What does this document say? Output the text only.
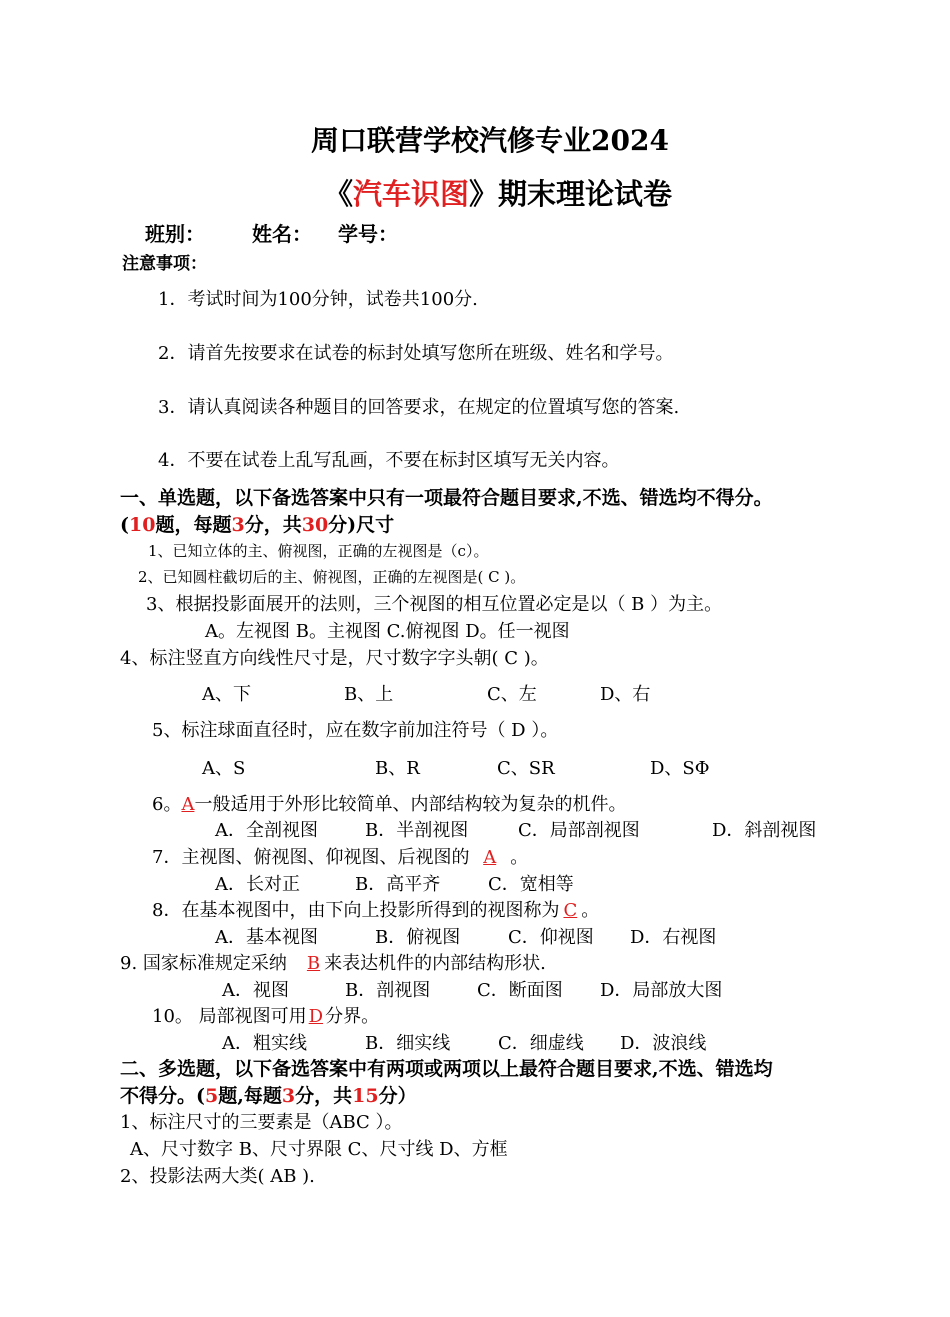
周口联营学校汽修专业2024
《汽车识图》期末理论试卷
班别： 姓名： 学号：
注意事项：
1．考试时间为100分钟，试卷共100分.
2．请首先按要求在试卷的标封处填写您所在班级、姓名和学号。
3．请认真阅读各种题目的回答要求，在规定的位置填写您的答案.
4．不要在试卷上乱写乱画，不要在标封区填写无关内容。
一、单选题，以下备选答案中只有一项最符合题目要求,不选、错选均不得分。
(10题，每题3分，共30分)尺寸
1、已知立体的主、俯视图，正确的左视图是（c）。
2、已知圆柱截切后的主、俯视图，正确的左视图是( C )。
3、根据投影面展开的法则，三个视图的相互位置必定是以（ B ）为主。
A。左视图 B。主视图 C.俯视图 D。任一视图
4、标注竖直方向线性尺寸是，尺寸数字字头朝( C )。
A、下	B、上	C、左	D、右
5、标注球面直径时，应在数字前加注符号（ D ）。
A、S	B、R	C、SR	D、SΦ
6。A一般适用于外形比较简单、内部结构较为复杂的机件。
A．全剖视图	B．半剖视图	C．局部剖视图	D．斜剖视图
7．主视图、俯视图、仰视图、后视图的 A 。
A．长对正	B．高平齐	C．宽相等
8．在基本视图中，由下向上投影所得到的视图称为 C 。
A．基本视图	B．俯视图	C．仰视图 D．右视图
9. 国家标准规定采纳 B 来表达机件的内部结构形状.
A．视图	B．剖视图	C．断面图 D．局部放大图
10。 局部视图可用 D 分界。
A．粗实线	B．细实线	C．细虚线 D．波浪线
二、多选题，以下备选答案中有两项或两项以上最符合题目要求,不选、错选均
不得分。(5题,每题3分，共15分）
1、标注尺寸的三要素是（ABC ）。
A、尺寸数字 B、尺寸界限 C、尺寸线 D、方框
2、投影法两大类( AB ).
